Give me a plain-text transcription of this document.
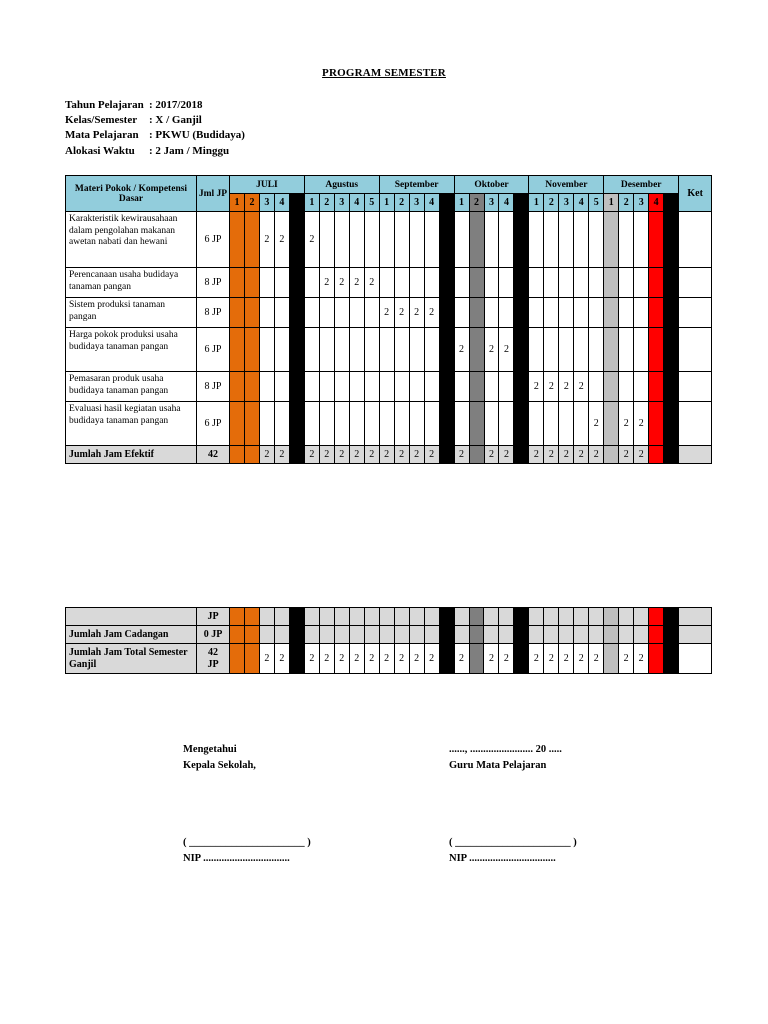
PROGRAM SEMESTER
Tahun Pelajaran : 2017/2018
Kelas/Semester	: X / Ganjil
Mata Pelajaran : PKWU (Budidaya)
Alokasi Waktu	: 2 Jam / Minggu
Materi Pokok / Kompetensi Dasar	Jml JP	JULI					Agustus					September					Oktober					November					Desember					Ket
		1	2	3	4		1	2	3	4	5	1	2	3	4		1	2	3	4		1	2	3	4	5	1	2	3	4		
Karakteristik kewirausahaan dalam pengolahan makanan awetan nabati dan hewani	6 JP			2	2		2																									
Perencanaan usaha budidaya tanaman pangan	8 JP							2	2	2	2																					
Sistem produksi tanaman pangan	8 JP											2	2	2	2																	
Harga pokok produksi usaha budidaya tanaman pangan	6 JP																2		2	2												
Pemasaran produk usaha budidaya tanaman pangan	8 JP																					2	2	2	2							
Evaluasi hasil kegiatan usaha budidaya tanaman pangan	6 JP																									2		2	2			
Jumlah Jam Efektif	42			2	2		2	2	2	2	2	2	2	2	2		2		2	2		2	2	2	2	2		2	2			
	JP																															
Jumlah Jam Cadangan	0 JP																															
Jumlah Jam Total Semester Ganjil	42 JP			2	2		2	2	2	2	2	2	2	2	2		2		2	2		2	2	2	2	2		2	2			
Mengetahui
Kepala Sekolah,
( ______________________ )
NIP .................................
......, ........................ 20 .....
Guru Mata Pelajaran
( ______________________ )
NIP .................................
